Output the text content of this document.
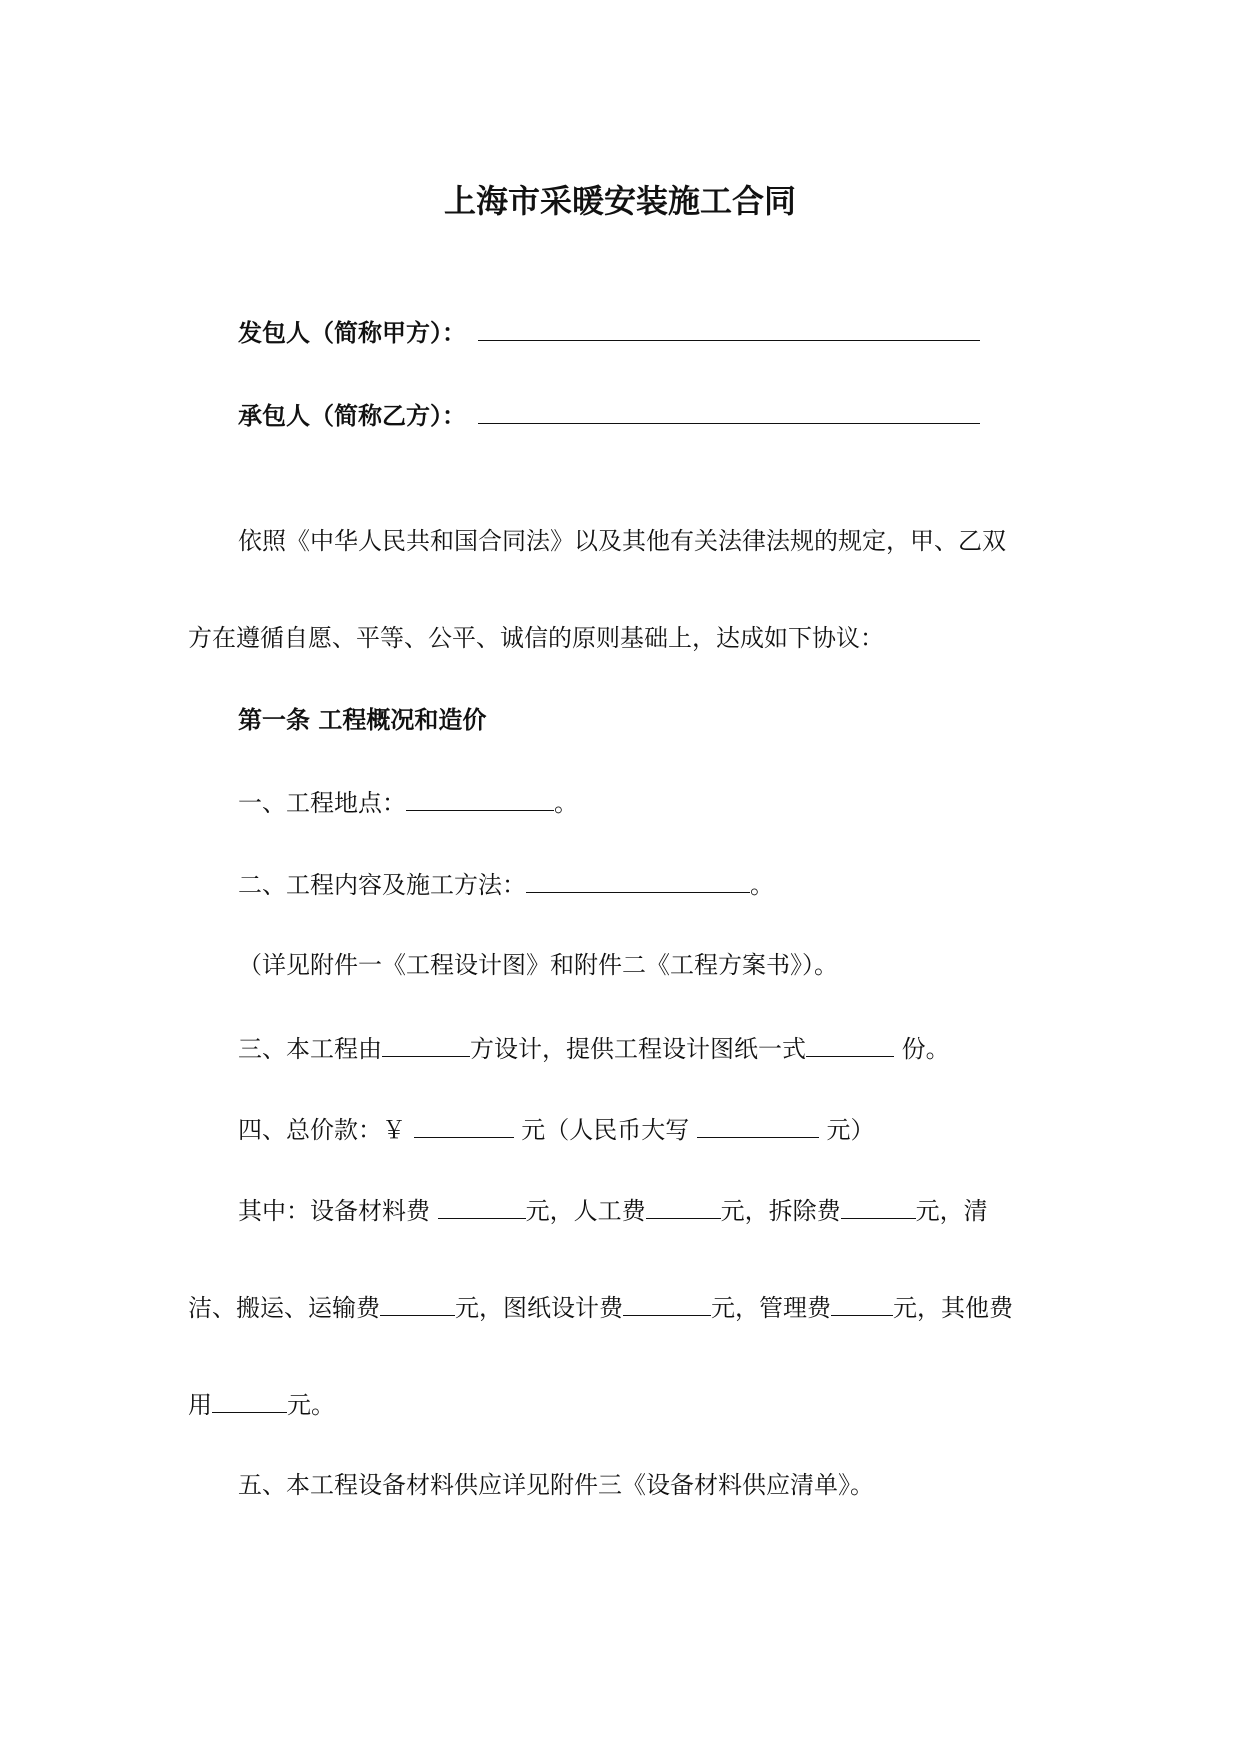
上海市采暖安装施工合同
发包人（简称甲方）：
承包人（简称乙方）：
依照《中华人民共和国合同法》以及其他有关法律法规的规定，甲、乙双
方在遵循自愿、平等、公平、诚信的原则基础上，达成如下协议：
第一条 工程概况和造价
一、工程地点：	。
二、工程内容及施工方法：	。
（详见附件一《工程设计图》和附件二《工程方案书》）。
三、本工程由	方设计，提供工程设计图纸一式	份。
四、总价款：￥	元（人民币大写	元）
其中：设备材料费	元，人工费	元，拆除费	元，清
洁、搬运、运输费	元，图纸设计费	元，管理费	元，其他费
用	元。
五、本工程设备材料供应详见附件三《设备材料供应清单》。
